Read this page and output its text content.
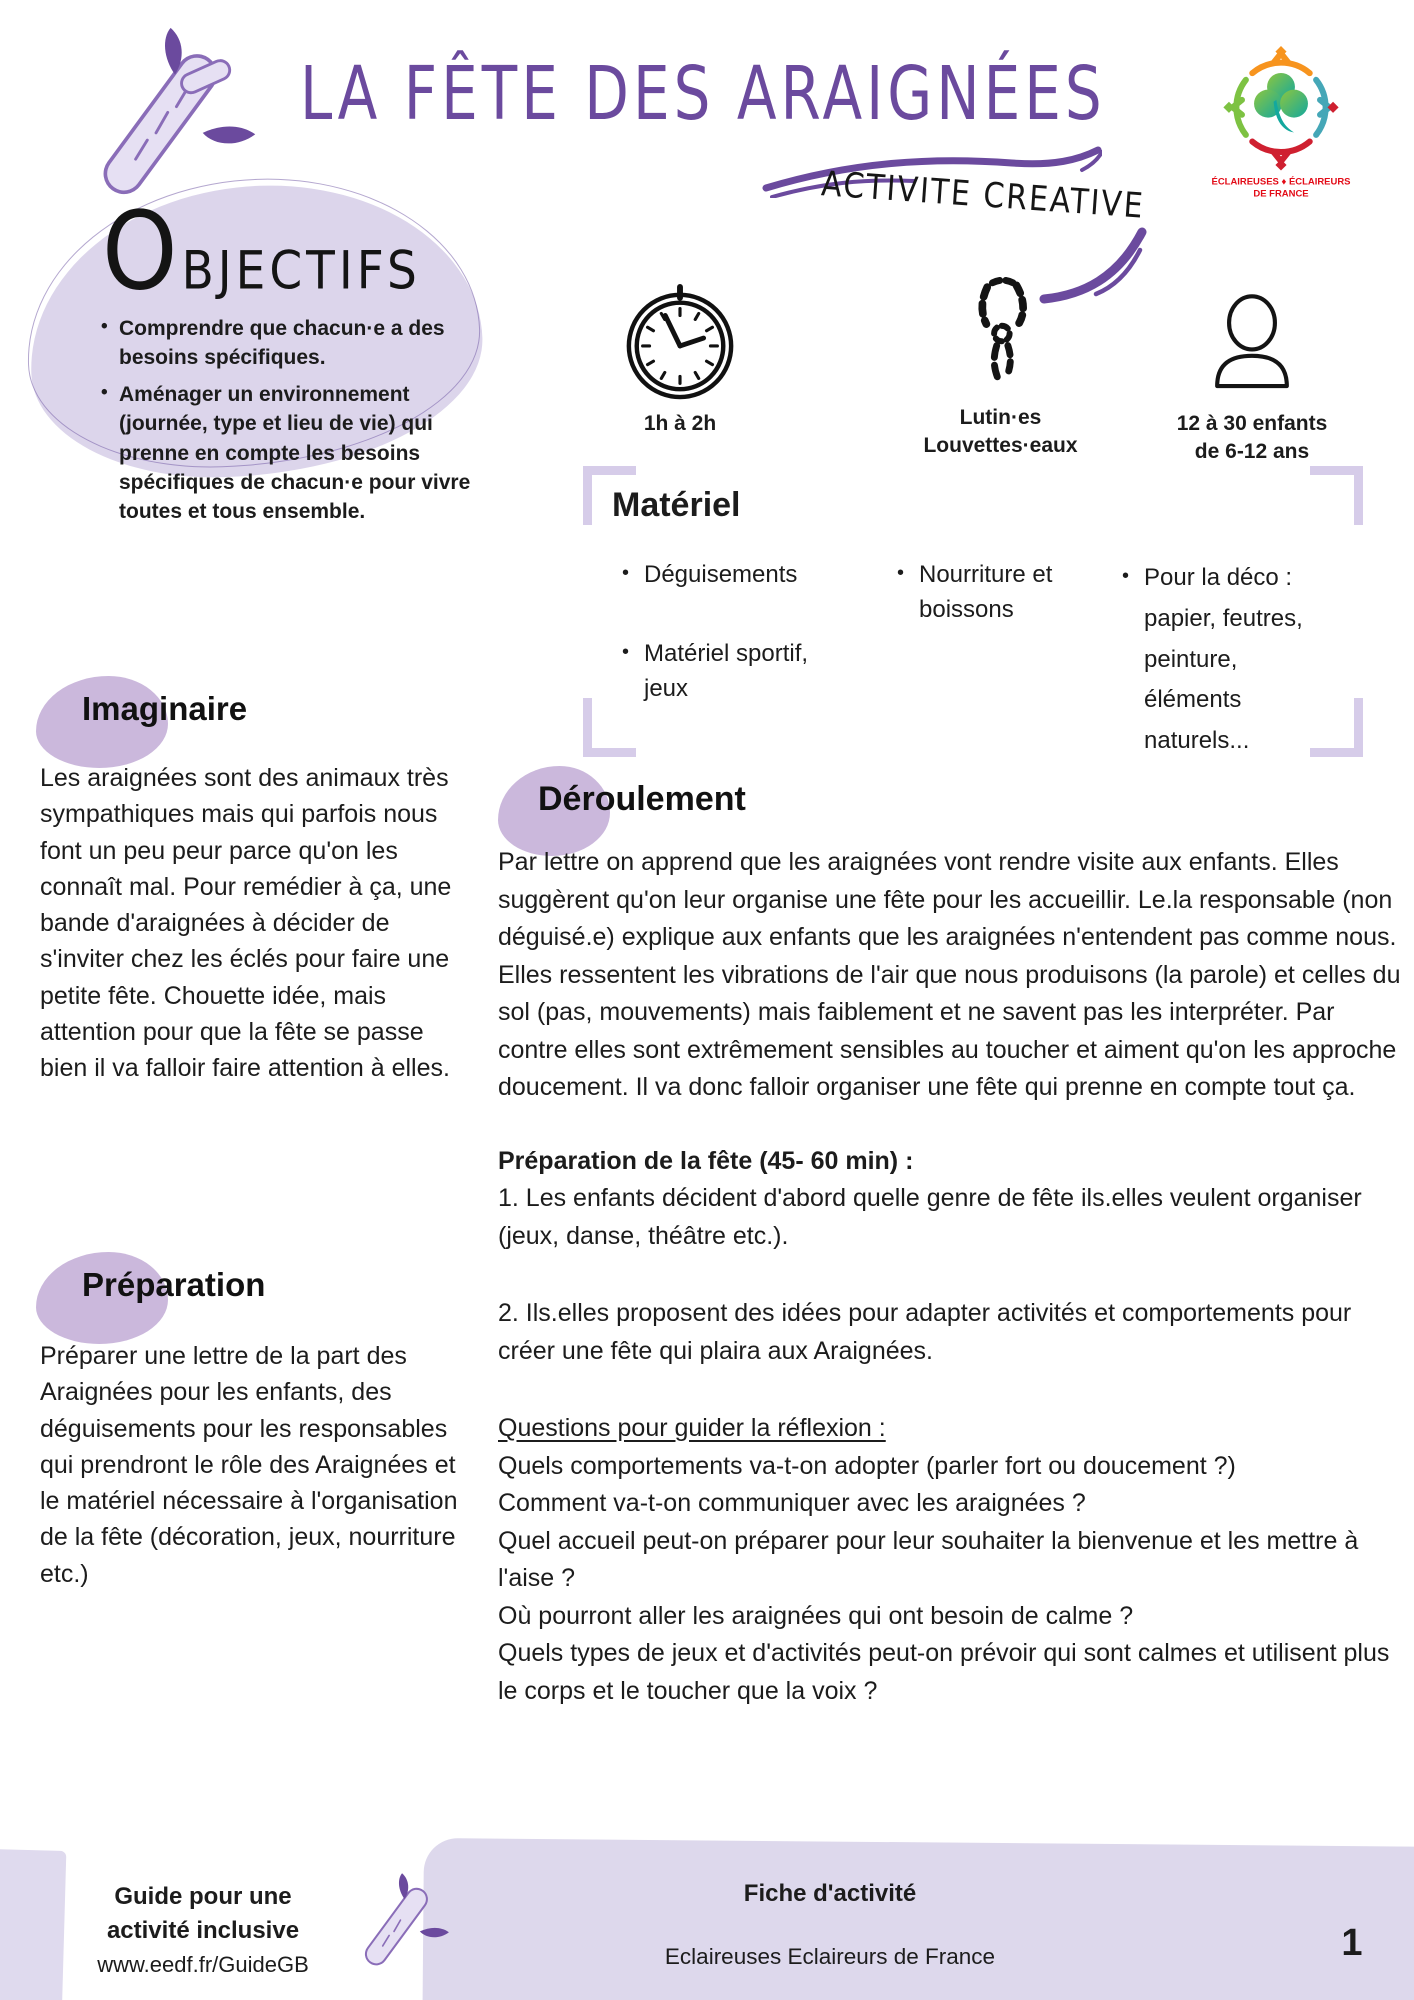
LA FÊTE DES ARAIGNÉES
ACTIVITE CREATIVE	ÉCLAIREUSES ♦ ÉCLAIREURS
DE FRANCE
OBJECTIFS
• Comprendre que chacun·e a des besoins spécifiques.
• Aménager un environnement (journée, type et lieu de vie) qui prenne en compte les besoins spécifiques de chacun·e pour vivre toutes et tous ensemble.
1h à 2h	Lutin·es
Louvettes·eaux
12 à 30 enfants
de 6-12 ans
Matériel
• Déguisements
• Matériel sportif, jeux
• Nourriture et boissons
• Pour la déco : papier, feutres, peinture, éléments naturels...
Imaginaire
Les araignées sont des animaux très sympathiques mais qui parfois nous font un peu peur parce qu'on les connaît mal. Pour remédier à ça, une bande d'araignées à décider de s'inviter chez les éclés pour faire une petite fête. Chouette idée, mais attention pour que la fête se passe bien il va falloir faire attention à elles.
Préparation
Préparer une lettre de la part des Araignées pour les enfants, des déguisements pour les responsables qui prendront le rôle des Araignées et le matériel nécessaire à l'organisation de la fête (décoration, jeux, nourriture etc.)
Déroulement

Par lettre on apprend que les araignées vont rendre visite aux enfants. Elles suggèrent qu'on leur organise une fête pour les accueillir. Le.la responsable (non déguisé.e) explique aux enfants que les araignées n'entendent pas comme nous. Elles ressentent les vibrations de l'air que nous produisons (la parole) et celles du sol (pas, mouvements) mais faiblement et ne savent pas les interpréter. Par contre elles sont extrêmement sensibles au toucher et aiment qu'on les approche doucement. Il va donc falloir organiser une fête qui prenne en compte tout ça.

Préparation de la fête (45- 60 min) :

1. Les enfants décident d'abord quelle genre de fête ils.elles veulent organiser (jeux, danse, théâtre etc.).

2. Ils.elles proposent des idées pour adapter activités et comportements pour créer une fête qui plaira aux Araignées.

Questions pour guider la réflexion :

Quels comportements va-t-on adopter (parler fort ou doucement ?)
Comment va-t-on communiquer avec les araignées ?
Quel accueil peut-on préparer pour leur souhaiter la bienvenue et les mettre à l'aise ?
Où pourront aller les araignées qui ont besoin de calme ?
Quels types de jeux et d'activités peut-on prévoir qui sont calmes et utilisent plus le corps et le toucher que la voix ?
Guide pour une
activité inclusive
www.eedf.fr/GuideGB
Fiche d'activité
Eclaireuses Eclaireurs de France	1
